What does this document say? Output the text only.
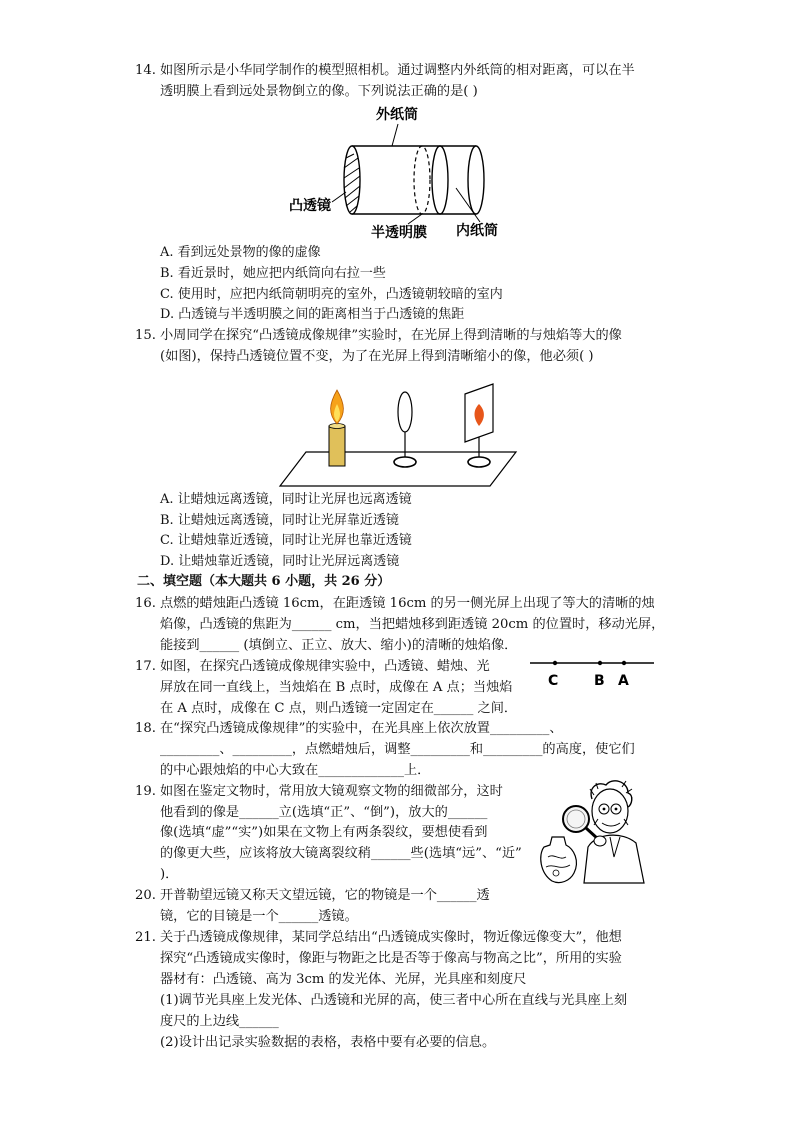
14. 如图所示是小华同学制作的模型照相机。通过调整内外纸筒的相对距离，可以在半
透明膜上看到远处景物倒立的像。下列说法正确的是( )
外纸筒
凸透镜
半透明膜 内纸筒
A. 看到远处景物的像的虚像
B. 看近景时，她应把内纸筒向右拉一些
C. 使用时，应把内纸筒朝明亮的室外，凸透镜朝较暗的室内
D. 凸透镜与半透明膜之间的距离相当于凸透镜的焦距
15. 小周同学在探究“凸透镜成像规律”实验时，在光屏上得到清晰的与烛焰等大的像
(如图)，保持凸透镜位置不变，为了在光屏上得到清晰缩小的像，他必须( )
A. 让蜡烛远离透镜，同时让光屏也远离透镜
B. 让蜡烛远离透镜，同时让光屏靠近透镜
C. 让蜡烛靠近透镜，同时让光屏也靠近透镜
D. 让蜡烛靠近透镜，同时让光屏远离透镜
二、填空题（本大题共 6 小题，共 26 分）
16. 点燃的蜡烛距凸透镜 16cm，在距透镜 16cm 的另一侧光屏上出现了等大的清晰的烛
焰像，凸透镜的焦距为______ cm，当把蜡烛移到距透镜 20cm 的位置时，移动光屏，
能接到______ (填倒立、正立、放大、缩小)的清晰的烛焰像．
17. 如图，在探究凸透镜成像规律实验中，凸透镜、蜡烛、光
屏放在同一直线上，当烛焰在 B 点时，成像在 A 点；当烛焰
在 A 点时，成像在 C 点，则凸透镜一定固定在______ 之间．
C	B A
18. 在“探究凸透镜成像规律”的实验中，在光具座上依次放置_________、
_________、_________，点燃蜡烛后，调整_________和_________的高度，使它们
的中心跟烛焰的中心大致在_____________上．
19. 如图在鉴定文物时，常用放大镜观察文物的细微部分，这时
他看到的像是______立(选填“正”、“倒”)，放大的______
像(选填“虚”“实”)如果在文物上有两条裂纹，要想使看到
的像更大些，应该将放大镜离裂纹稍______些(选填“远”、“近”
)．
20. 开普勒望远镜又称天文望远镜，它的物镜是一个______透
镜，它的目镜是一个______透镜。
21. 关于凸透镜成像规律，某同学总结出“凸透镜成实像时，物近像远像变大”，他想
探究“凸透镜成实像时，像距与物距之比是否等于像高与物高之比”，所用的实验
器材有：凸透镜、高为 3cm 的发光体、光屏，光具座和刻度尺
(1)调节光具座上发光体、凸透镜和光屏的高，使三者中心所在直线与光具座上刻
度尺的上边线______
(2)设计出记录实验数据的表格，表格中要有必要的信息。
